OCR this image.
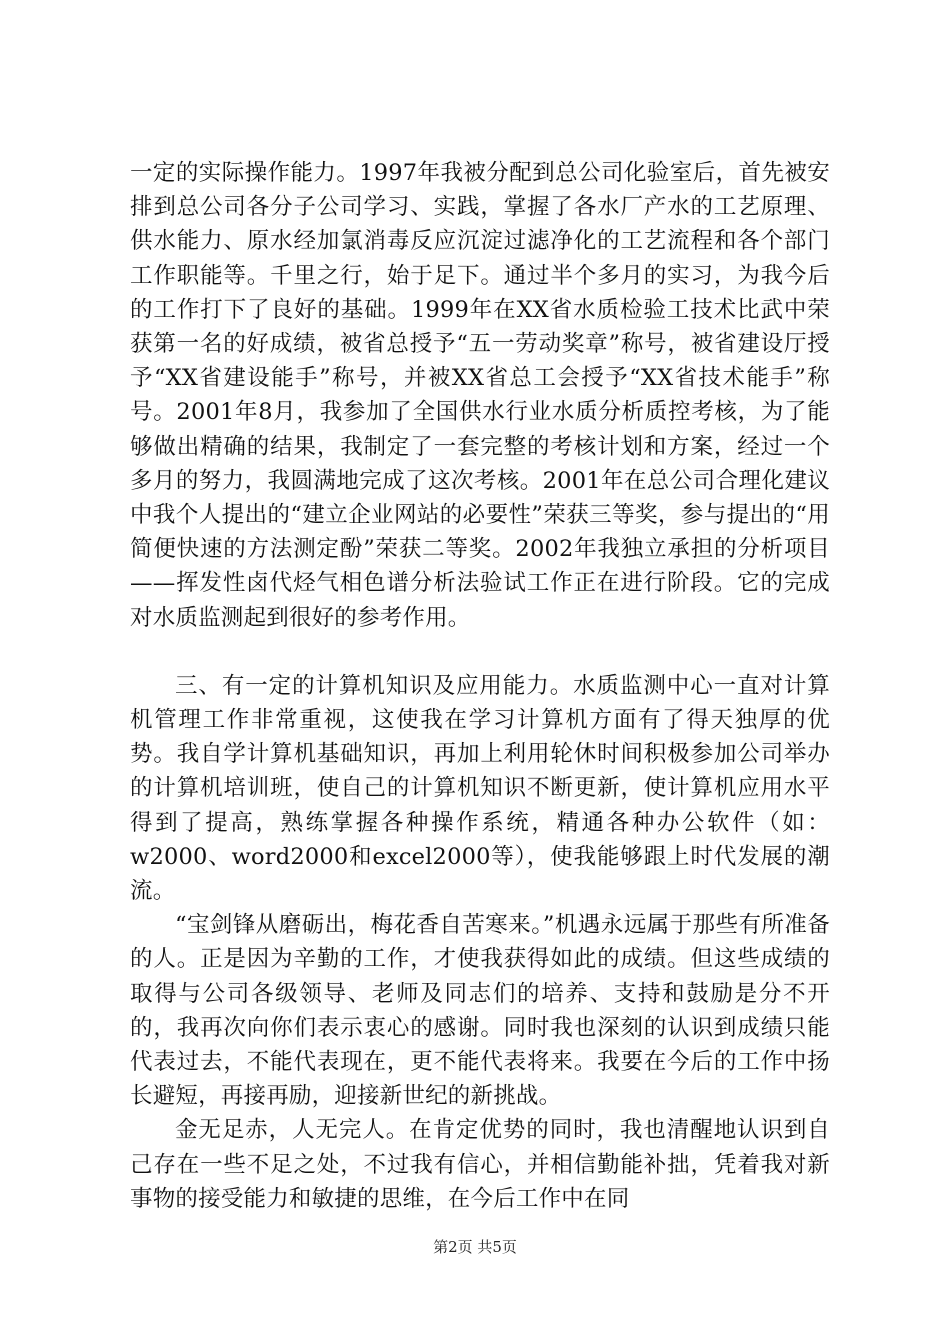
一定的实际操作能力。1997年我被分配到总公司化验室后，首先被安排到总公司各分子公司学习、实践，掌握了各水厂产水的工艺原理、供水能力、原水经加氯消毒反应沉淀过滤净化的工艺流程和各个部门工作职能等。千里之行，始于足下。通过半个多月的实习，为我今后的工作打下了良好的基础。1999年在XX省水质检验工技术比武中荣获第一名的好成绩，被省总授予“五一劳动奖章”称号，被省建设厅授予“XX省建设能手”称号，并被XX省总工会授予“XX省技术能手”称号。2001年8月，我参加了全国供水行业水质分析质控考核，为了能够做出精确的结果，我制定了一套完整的考核计划和方案，经过一个多月的努力，我圆满地完成了这次考核。2001年在总公司合理化建议中我个人提出的“建立企业网站的必要性”荣获三等奖，参与提出的“用简便快速的方法测定酚”荣获二等奖。2002年我独立承担的分析项目——挥发性卤代烃气相色谱分析法验试工作正在进行阶段。它的完成对水质监测起到很好的参考作用。

三、有一定的计算机知识及应用能力。水质监测中心一直对计算机管理工作非常重视，这使我在学习计算机方面有了得天独厚的优势。我自学计算机基础知识，再加上利用轮休时间积极参加公司举办的计算机培训班，使自己的计算机知识不断更新，使计算机应用水平得到了提高，熟练掌握各种操作系统，精通各种办公软件（如：w2000、word2000和excel2000等），使我能够跟上时代发展的潮流。

“宝剑锋从磨砺出，梅花香自苦寒来。”机遇永远属于那些有所准备的人。正是因为辛勤的工作，才使我获得如此的成绩。但这些成绩的取得与公司各级领导、老师及同志们的培养、支持和鼓励是分不开的，我再次向你们表示衷心的感谢。同时我也深刻的认识到成绩只能代表过去，不能代表现在，更不能代表将来。我要在今后的工作中扬长避短，再接再励，迎接新世纪的新挑战。

金无足赤，人无完人。在肯定优势的同时，我也清醒地认识到自己存在一些不足之处，不过我有信心，并相信勤能补拙，凭着我对新事物的接受能力和敏捷的思维，在今后工作中在同

第2页 共5页
